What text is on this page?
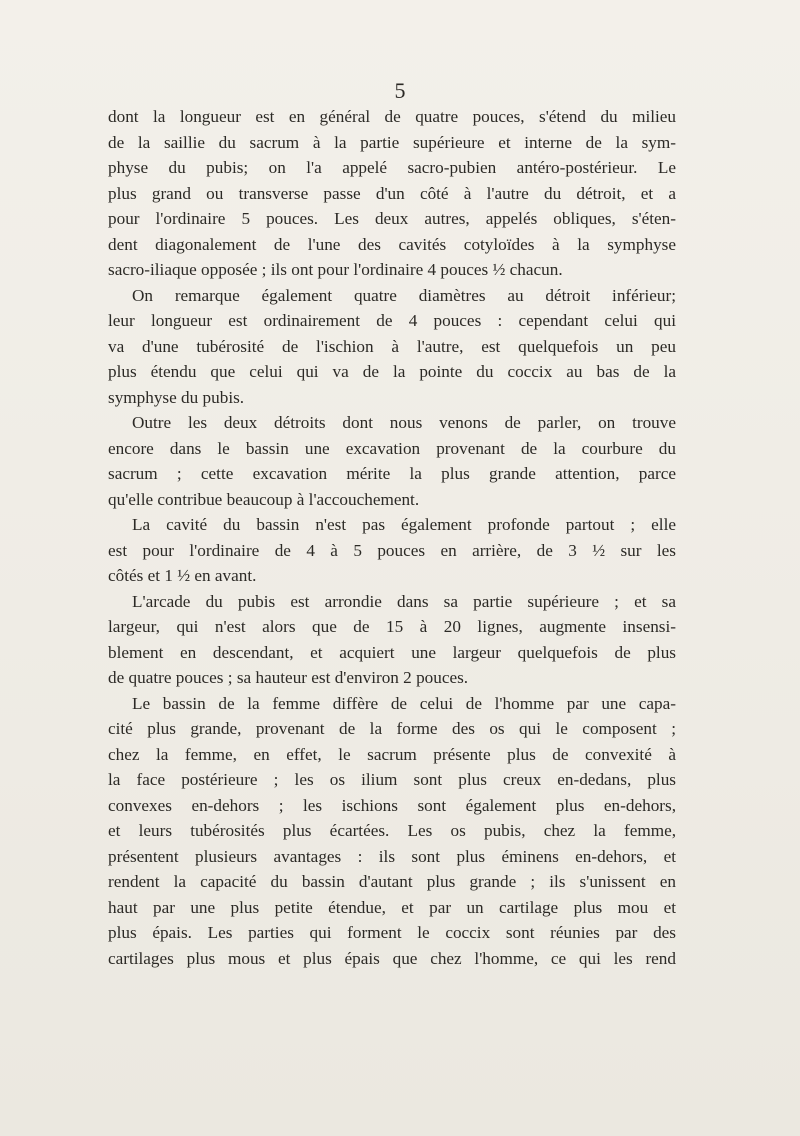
5
dont la longueur est en général de quatre pouces, s'étend du milieu
de la saillie du sacrum à la partie supérieure et interne de la sym-
physe du pubis; on l'a appelé sacro-pubien antéro-postérieur. Le
plus grand ou transverse passe d'un côté à l'autre du détroit, et a
pour l'ordinaire 5 pouces. Les deux autres, appelés obliques, s'éten-
dent diagonalement de l'une des cavités cotyloïdes à la symphyse
sacro-iliaque opposée ; ils ont pour l'ordinaire 4 pouces ½ chacun.
On remarque également quatre diamètres au détroit inférieur;
leur longueur est ordinairement de 4 pouces : cependant celui qui
va d'une tubérosité de l'ischion à l'autre, est quelquefois un peu
plus étendu que celui qui va de la pointe du coccix au bas de la
symphyse du pubis.
Outre les deux détroits dont nous venons de parler, on trouve
encore dans le bassin une excavation provenant de la courbure du
sacrum ; cette excavation mérite la plus grande attention, parce
qu'elle contribue beaucoup à l'accouchement.
La cavité du bassin n'est pas également profonde partout ; elle
est pour l'ordinaire de 4 à 5 pouces en arrière, de 3 ½ sur les
côtés et 1 ½ en avant.
L'arcade du pubis est arrondie dans sa partie supérieure ; et sa
largeur, qui n'est alors que de 15 à 20 lignes, augmente insensi-
blement en descendant, et acquiert une largeur quelquefois de plus
de quatre pouces ; sa hauteur est d'environ 2 pouces.
Le bassin de la femme diffère de celui de l'homme par une capa-
cité plus grande, provenant de la forme des os qui le composent ;
chez la femme, en effet, le sacrum présente plus de convexité à
la face postérieure ; les os ilium sont plus creux en-dedans, plus
convexes en-dehors ; les ischions sont également plus en-dehors,
et leurs tubérosités plus écartées. Les os pubis, chez la femme,
présentent plusieurs avantages : ils sont plus éminens en-dehors, et
rendent la capacité du bassin d'autant plus grande ; ils s'unissent en
haut par une plus petite étendue, et par un cartilage plus mou et
plus épais. Les parties qui forment le coccix sont réunies par des
cartilages plus mous et plus épais que chez l'homme, ce qui les rend
